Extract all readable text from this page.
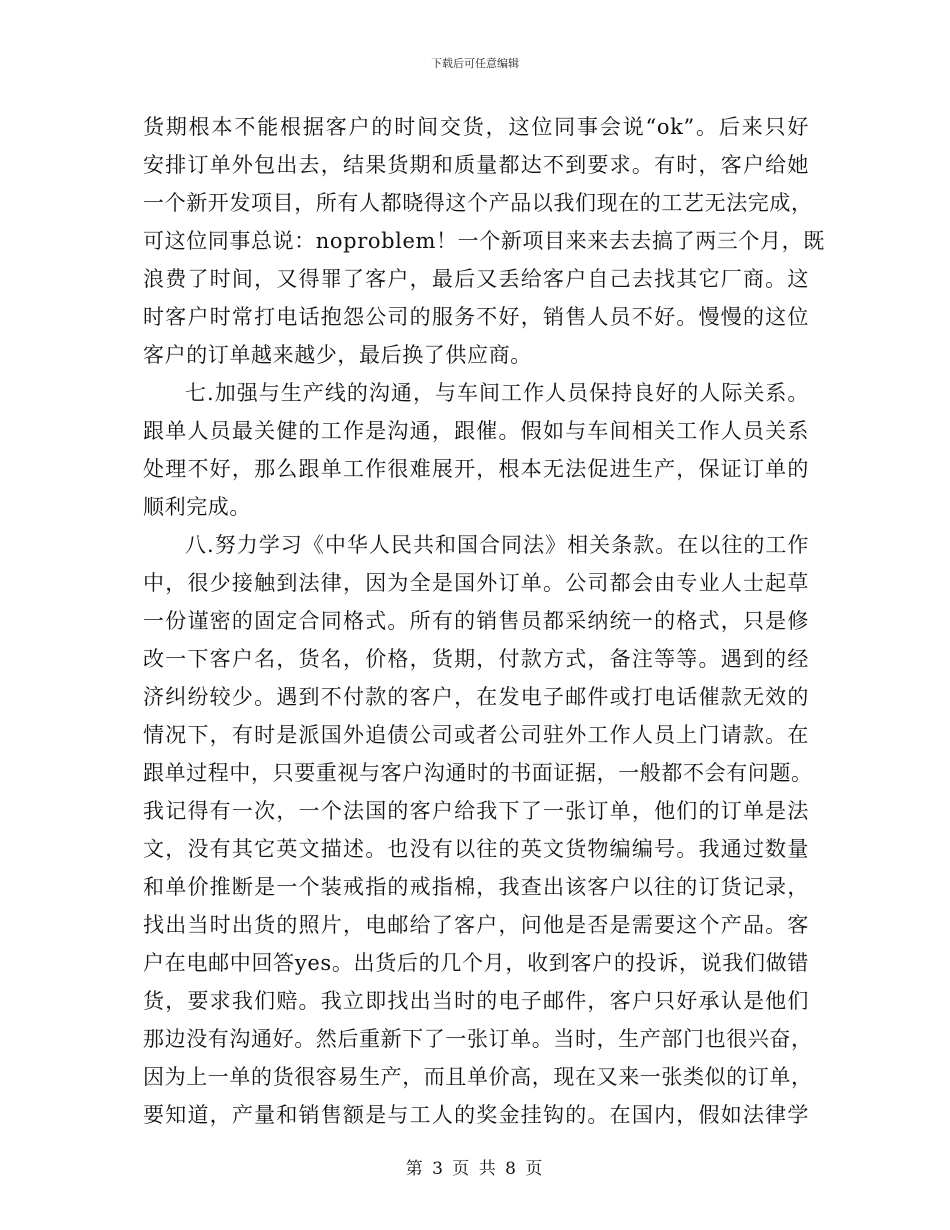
下载后可任意编辑
货期根本不能根据客户的时间交货，这位同事会说“ok”。后来只好
安排订单外包出去，结果货期和质量都达不到要求。有时，客户给她
一个新开发项目，所有人都晓得这个产品以我们现在的工艺无法完成，
可这位同事总说：noproblem！一个新项目来来去去搞了两三个月，既
浪费了时间，又得罪了客户，最后又丢给客户自己去找其它厂商。这
时客户时常打电话抱怨公司的服务不好，销售人员不好。慢慢的这位
客户的订单越来越少，最后换了供应商。
七.加强与生产线的沟通，与车间工作人员保持良好的人际关系。
跟单人员最关健的工作是沟通，跟催。假如与车间相关工作人员关系
处理不好，那么跟单工作很难展开，根本无法促进生产，保证订单的
顺利完成。
八.努力学习《中华人民共和国合同法》相关条款。在以往的工作
中，很少接触到法律，因为全是国外订单。公司都会由专业人士起草
一份谨密的固定合同格式。所有的销售员都采纳统一的格式，只是修
改一下客户名，货名，价格，货期，付款方式，备注等等。遇到的经
济纠纷较少。遇到不付款的客户，在发电子邮件或打电话催款无效的
情况下，有时是派国外追债公司或者公司驻外工作人员上门请款。在
跟单过程中，只要重视与客户沟通时的书面证据，一般都不会有问题。
我记得有一次，一个法国的客户给我下了一张订单，他们的订单是法
文，没有其它英文描述。也没有以往的英文货物编编号。我通过数量
和单价推断是一个装戒指的戒指棉，我查出该客户以往的订货记录，
找出当时出货的照片，电邮给了客户，问他是否是需要这个产品。客
户在电邮中回答yes。出货后的几个月，收到客户的投诉，说我们做错
货，要求我们赔。我立即找出当时的电子邮件，客户只好承认是他们
那边没有沟通好。然后重新下了一张订单。当时，生产部门也很兴奋，
因为上一单的货很容易生产，而且单价高，现在又来一张类似的订单，
要知道，产量和销售额是与工人的奖金挂钩的。在国内，假如法律学
第 3 页 共 8 页
